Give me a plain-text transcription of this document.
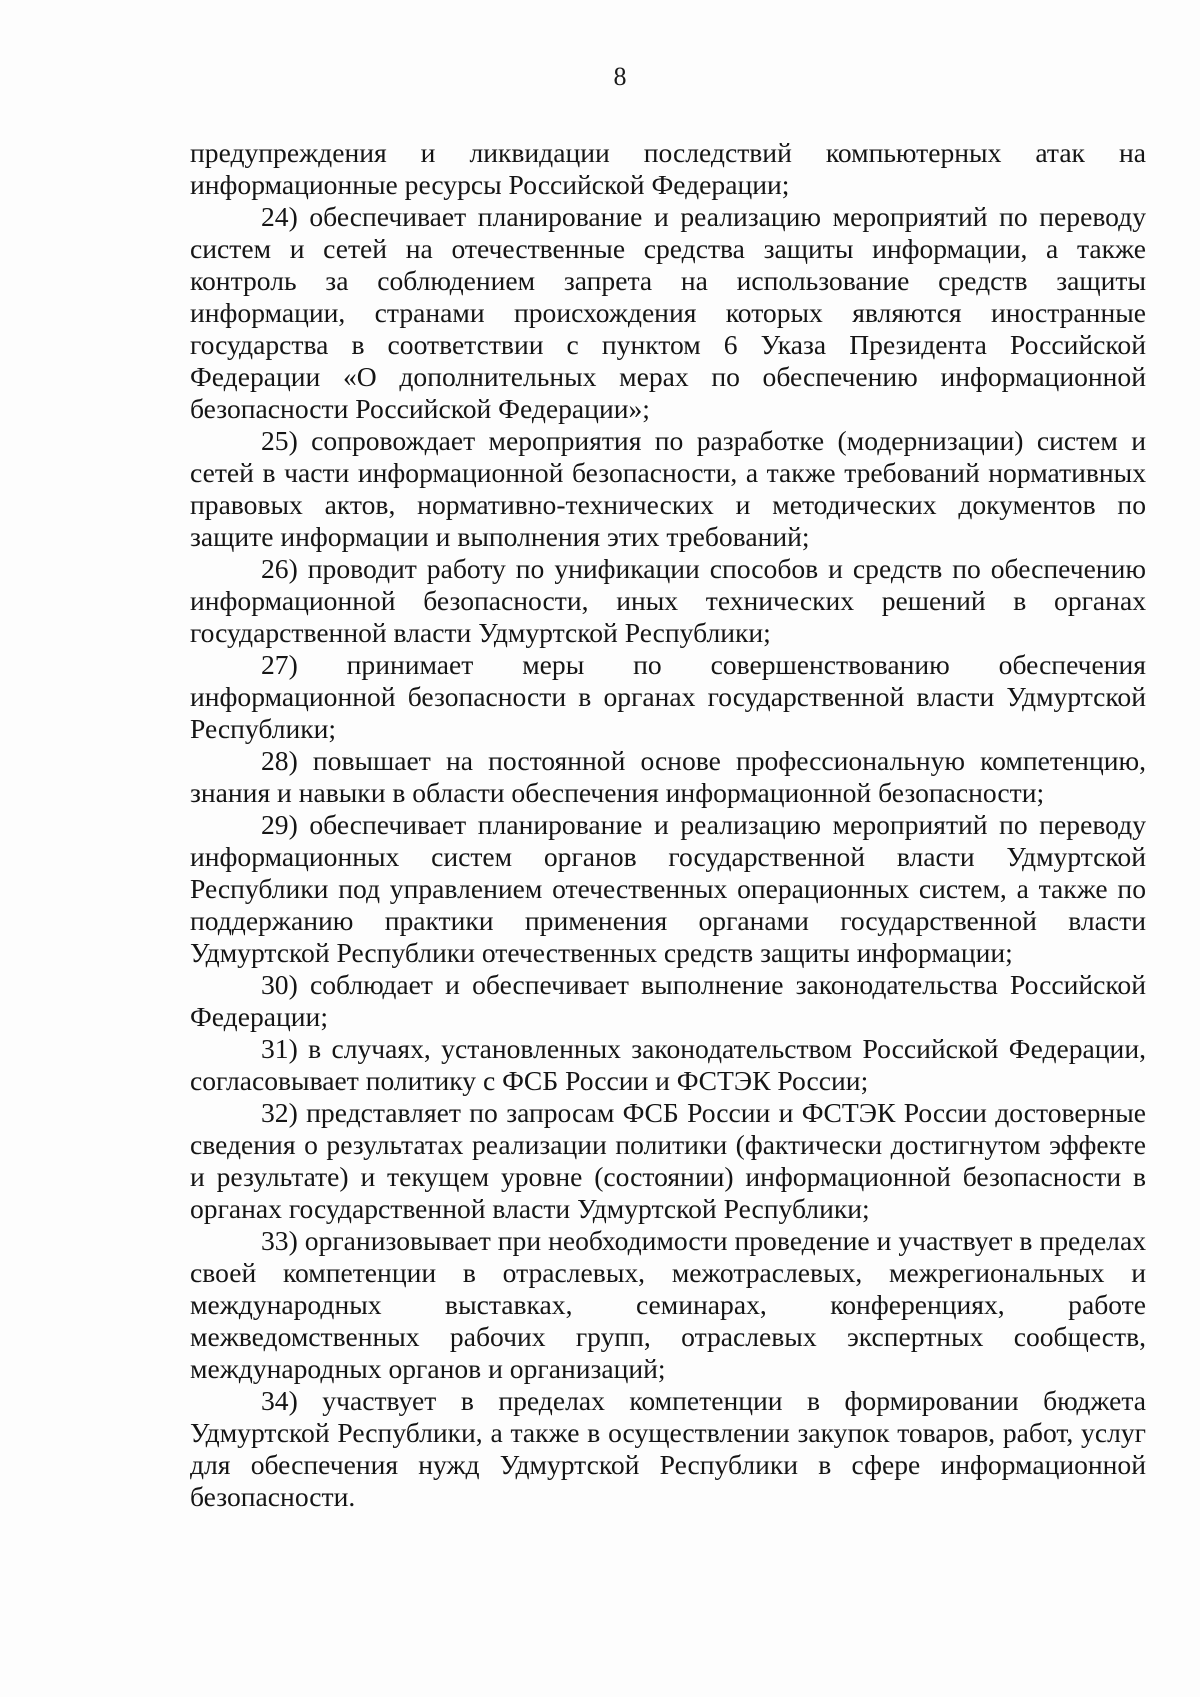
8

предупреждения и ликвидации последствий компьютерных атак на информационные ресурсы Российской Федерации;

24) обеспечивает планирование и реализацию мероприятий по переводу систем и сетей на отечественные средства защиты информации, а также контроль за соблюдением запрета на использование средств защиты информации, странами происхождения которых являются иностранные государства в соответствии с пунктом 6 Указа Президента Российской Федерации «О дополнительных мерах по обеспечению информационной безопасности Российской Федерации»;

25) сопровождает мероприятия по разработке (модернизации) систем и сетей в части информационной безопасности, а также требований нормативных правовых актов, нормативно-технических и методических документов по защите информации и выполнения этих требований;

26) проводит работу по унификации способов и средств по обеспечению информационной безопасности, иных технических решений в органах государственной власти Удмуртской Республики;

27) принимает меры по совершенствованию обеспечения информационной безопасности в органах государственной власти Удмуртской Республики;

28) повышает на постоянной основе профессиональную компетенцию, знания и навыки в области обеспечения информационной безопасности;

29) обеспечивает планирование и реализацию мероприятий по переводу информационных систем органов государственной власти Удмуртской Республики под управлением отечественных операционных систем, а также по поддержанию практики применения органами государственной власти Удмуртской Республики отечественных средств защиты информации;

30) соблюдает и обеспечивает выполнение законодательства Российской Федерации;

31) в случаях, установленных законодательством Российской Федерации, согласовывает политику с ФСБ России и ФСТЭК России;

32) представляет по запросам ФСБ России и ФСТЭК России достоверные сведения о результатах реализации политики (фактически достигнутом эффекте и результате) и текущем уровне (состоянии) информационной безопасности в органах государственной власти Удмуртской Республики;

33) организовывает при необходимости проведение и участвует в пределах своей компетенции в отраслевых, межотраслевых, межрегиональных и международных выставках, семинарах, конференциях, работе межведомственных рабочих групп, отраслевых экспертных сообществ, международных органов и организаций;

34) участвует в пределах компетенции в формировании бюджета Удмуртской Республики, а также в осуществлении закупок товаров, работ, услуг для обеспечения нужд Удмуртской Республики в сфере информационной безопасности.
